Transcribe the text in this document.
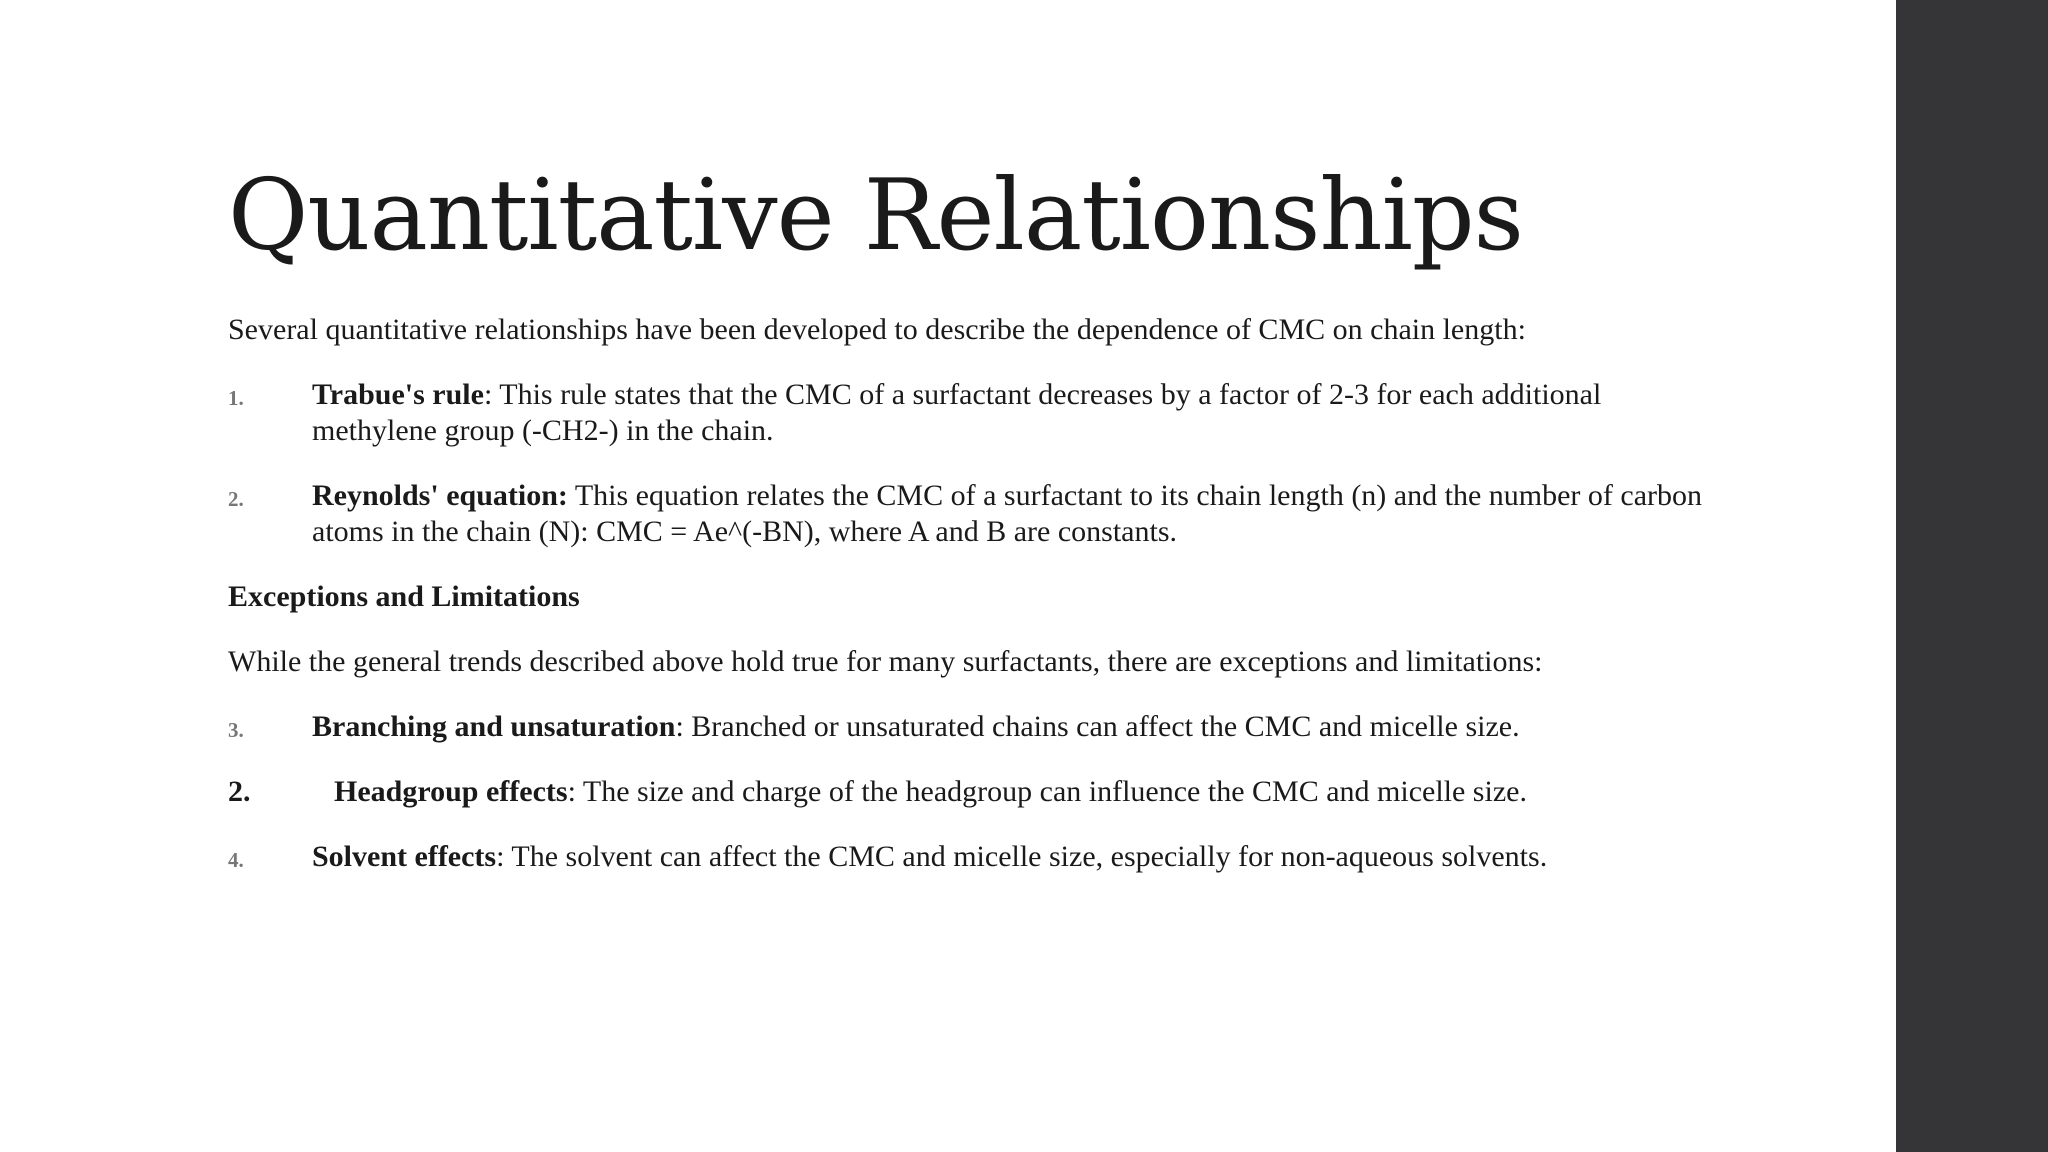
Quantitative Relationships

Several quantitative relationships have been developed to describe the dependence of CMC on chain length:

1. Trabue's rule: This rule states that the CMC of a surfactant decreases by a factor of 2-3 for each additional methylene group (-CH2-) in the chain.
2. Reynolds' equation: This equation relates the CMC of a surfactant to its chain length (n) and the number of carbon atoms in the chain (N): CMC = Ae^(-BN), where A and B are constants.

Exceptions and Limitations

While the general trends described above hold true for many surfactants, there are exceptions and limitations:

3. Branching and unsaturation: Branched or unsaturated chains can affect the CMC and micelle size.
2.	Headgroup effects: The size and charge of the headgroup can influence the CMC and micelle size.
4. Solvent effects: The solvent can affect the CMC and micelle size, especially for non-aqueous solvents.
